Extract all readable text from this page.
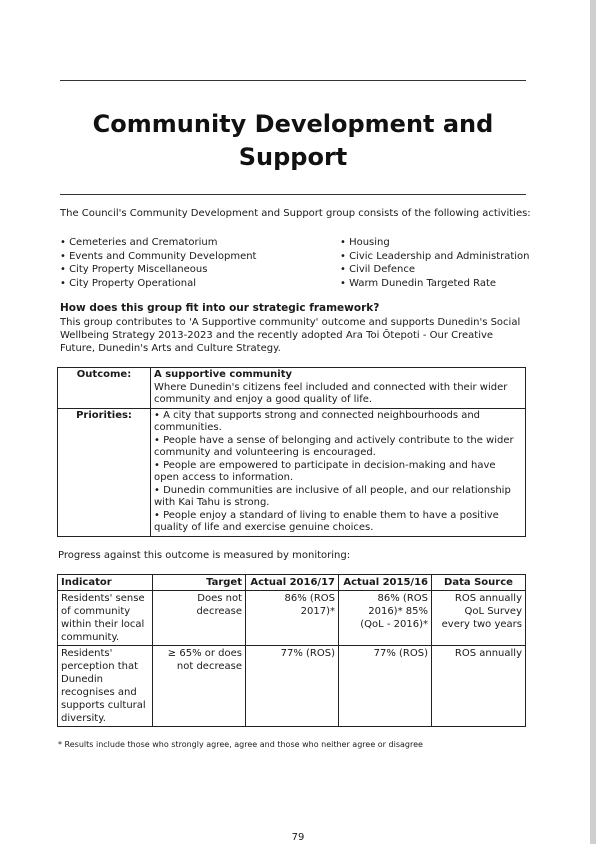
Community Development and Support
The Council's Community Development and Support group consists of the following activities:
• Cemeteries and Crematorium
• Events and Community Development
• City Property Miscellaneous
• City Property Operational
• Housing
• Civic Leadership and Administration
• Civil Defence
• Warm Dunedin Targeted Rate
How does this group fit into our strategic framework?
This group contributes to 'A Supportive community' outcome and supports Dunedin's Social Wellbeing Strategy 2013-2023 and the recently adopted Ara Toi Ōtepoti - Our Creative Future, Dunedin's Arts and Culture Strategy.
Outcome:	A supportive community
Where Dunedin's citizens feel included and connected with their wider community and enjoy a good quality of life.

Priorities:	• A city that supports strong and connected neighbourhoods and communities.
• People have a sense of belonging and actively contribute to the wider community and volunteering is encouraged.
• People are empowered to participate in decision-making and have open access to information.
• Dunedin communities are inclusive of all people, and our relationship with Kai Tahu is strong.
• People enjoy a standard of living to enable them to have a positive quality of life and exercise genuine choices.
Progress against this outcome is measured by monitoring:
Indicator	Target	Actual 2016/17	Actual 2015/16	Data Source
Residents' sense of community within their local community.	Does not decrease	86% (ROS 2017)*	86% (ROS 2016)* 85% (QoL - 2016)*	ROS annually QoL Survey every two years
Residents' perception that Dunedin recognises and supports cultural diversity.	≥ 65% or does not decrease	77% (ROS)	77% (ROS)	ROS annually
* Results include those who strongly agree, agree and those who neither agree or disagree
79
